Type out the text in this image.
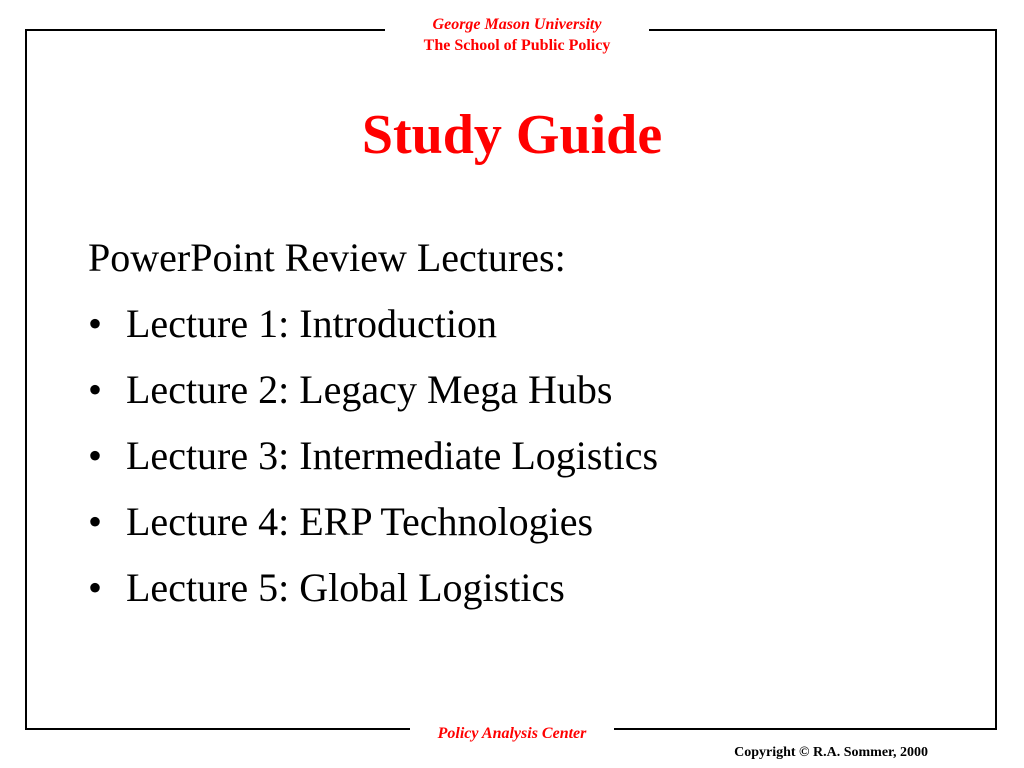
George Mason University
The School of Public Policy
Study Guide
PowerPoint Review Lectures:
• Lecture 1: Introduction
• Lecture 2: Legacy Mega Hubs
• Lecture 3: Intermediate Logistics
• Lecture 4: ERP Technologies
• Lecture 5: Global Logistics
Policy Analysis Center
Copyright © R.A. Sommer, 2000
